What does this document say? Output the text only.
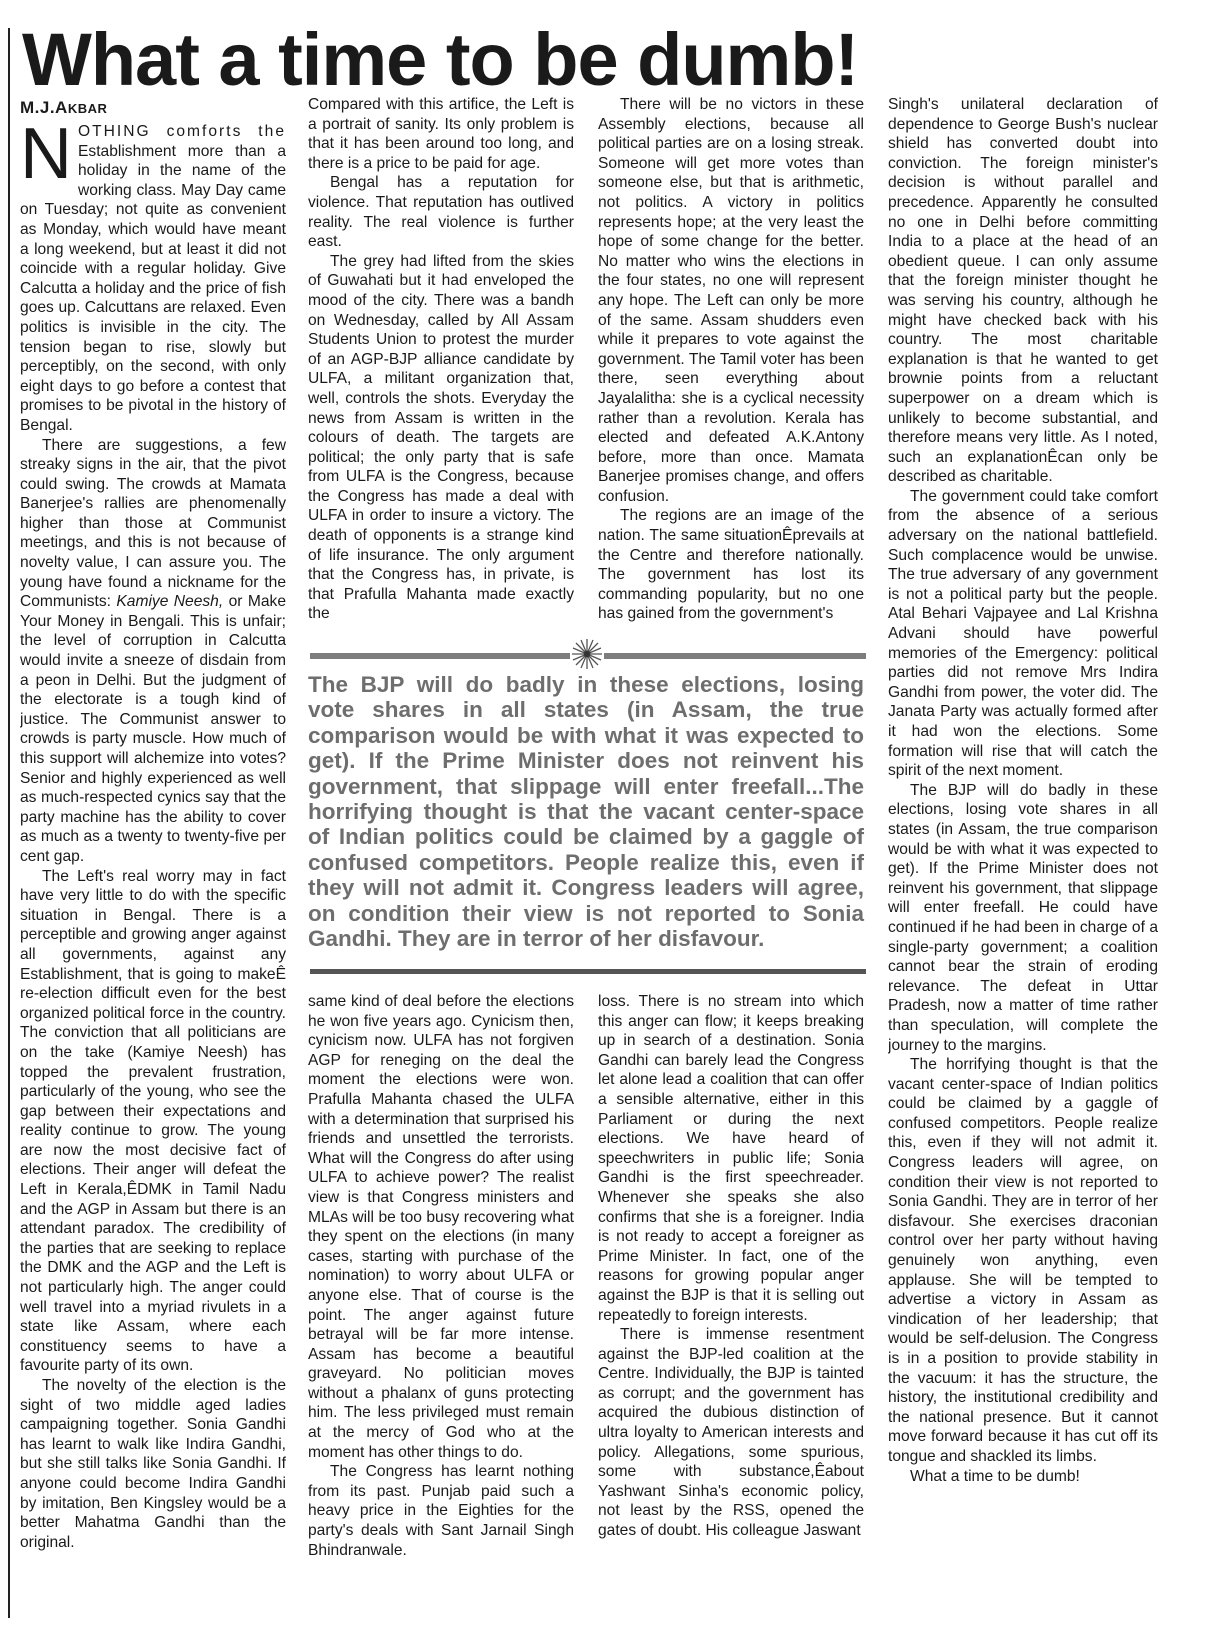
What a time to be dumb!
M.J.AKBAR

NOTHING comforts the Establishment more than a holiday in the name of the working class. May Day came on Tuesday; not quite as convenient as Monday, which would have meant a long weekend, but at least it did not coincide with a regular holiday. Give Calcutta a holiday and the price of fish goes up. Calcuttans are relaxed. Even politics is invisible in the city. The tension began to rise, slowly but perceptibly, on the second, with only eight days to go before a contest that promises to be pivotal in the history of Bengal.

There are suggestions, a few streaky signs in the air, that the pivot could swing. The crowds at Mamata Banerjee's rallies are phenomenally higher than those at Communist meetings, and this is not because of novelty value, I can assure you. The young have found a nickname for the Communists: Kamiye Neesh, or Make Your Money in Bengali. This is unfair; the level of corruption in Calcutta would invite a sneeze of disdain from a peon in Delhi. But the judgment of the electorate is a tough kind of justice. The Communist answer to crowds is party muscle. How much of this support will alchemize into votes? Senior and highly experienced as well as much-respected cynics say that the party machine has the ability to cover as much as a twenty to twenty-five per cent gap.

The Left's real worry may in fact have very little to do with the specific situation in Bengal. There is a perceptible and growing anger against all governments, against any Establishment, that is going to makeÊ re-election difficult even for the best organized political force in the country. The conviction that all politicians are on the take (Kamiye Neesh) has topped the prevalent frustration, particularly of the young, who see the gap between their expectations and reality continue to grow. The young are now the most decisive fact of elections. Their anger will defeat the Left in Kerala,ÊDMK in Tamil Nadu and the AGP in Assam but there is an attendant paradox. The credibility of the parties that are seeking to replace the DMK and the AGP and the Left is not particularly high. The anger could well travel into a myriad rivulets in a state like Assam, where each constituency seems to have a favourite party of its own.

The novelty of the election is the sight of two middle aged ladies campaigning together. Sonia Gandhi has learnt to walk like Indira Gandhi, but she still talks like Sonia Gandhi. If anyone could become Indira Gandhi by imitation, Ben Kingsley would be a better Mahatma Gandhi than the original.

Compared with this artifice, the Left is a portrait of sanity. Its only problem is that it has been around too long, and there is a price to be paid for age.

Bengal has a reputation for violence. That reputation has outlived reality. The real violence is further east.

The grey had lifted from the skies of Guwahati but it had enveloped the mood of the city. There was a bandh on Wednesday, called by All Assam Students Union to protest the murder of an AGP-BJP alliance candidate by ULFA, a militant organization that, well, controls the shots. Everyday the news from Assam is written in the colours of death. The targets are political; the only party that is safe from ULFA is the Congress, because the Congress has made a deal with ULFA in order to insure a victory. The death of opponents is a strange kind of life insurance. The only argument that the Congress has, in private, is that Prafulla Mahanta made exactly the

There will be no victors in these Assembly elections, because all political parties are on a losing streak. Someone will get more votes than someone else, but that is arithmetic, not politics. A victory in politics represents hope; at the very least the hope of some change for the better. No matter who wins the elections in the four states, no one will represent any hope. The Left can only be more of the same. Assam shudders even while it prepares to vote against the government. The Tamil voter has been there, seen everything about Jayalalitha: she is a cyclical necessity rather than a revolution. Kerala has elected and defeated A.K.Antony before, more than once. Mamata Banerjee promises change, and offers confusion.

The regions are an image of the nation. The same situationÊprevails at the Centre and therefore nationally. The government has lost its commanding popularity, but no one has gained from the government's

Singh's unilateral declaration of dependence to George Bush's nuclear shield has converted doubt into conviction. The foreign minister's decision is without parallel and precedence. Apparently he consulted no one in Delhi before committing India to a place at the head of an obedient queue. I can only assume that the foreign minister thought he was serving his country, although he might have checked back with his country. The most charitable explanation is that he wanted to get brownie points from a reluctant superpower on a dream which is unlikely to become substantial, and therefore means very little. As I noted, such an explanationÊcan only be described as charitable.

The government could take comfort from the absence of a serious adversary on the national battlefield. Such complacence would be unwise. The true adversary of any government is not a political party but the people. Atal Behari Vajpayee and Lal Krishna Advani should have powerful memories of the Emergency: political parties did not remove Mrs Indira Gandhi from power, the voter did. The Janata Party was actually formed after it had won the elections. Some formation will rise that will catch the spirit of the next moment.

The BJP will do badly in these elections, losing vote shares in all states (in Assam, the true comparison would be with what it was expected to get). If the Prime Minister does not reinvent his government, that slippage will enter freefall. He could have continued if he had been in charge of a single-party government; a coalition cannot bear the strain of eroding relevance. The defeat in Uttar Pradesh, now a matter of time rather than speculation, will complete the journey to the margins.

The horrifying thought is that the vacant center-space of Indian politics could be claimed by a gaggle of confused competitors. People realize this, even if they will not admit it. Congress leaders will agree, on condition their view is not reported to Sonia Gandhi. They are in terror of her disfavour. She exercises draconian control over her party without having genuinely won anything, even applause. She will be tempted to advertise a victory in Assam as vindication of her leadership; that would be self-delusion. The Congress is in a position to provide stability in the vacuum: it has the structure, the history, the institutional credibility and the national presence. But it cannot move forward because it has cut off its tongue and shackled its limbs.

What a time to be dumb!

The BJP will do badly in these elections, losing vote shares in all states (in Assam, the true comparison would be with what it was expected to get). If the Prime Minister does not reinvent his government, that slippage will enter freefall...The horrifying thought is that the vacant center-space of Indian politics could be claimed by a gaggle of confused competitors. People realize this, even if they will not admit it. Congress leaders will agree, on condition their view is not reported to Sonia Gandhi. They are in terror of her disfavour.

same kind of deal before the elections he won five years ago. Cynicism then, cynicism now. ULFA has not forgiven AGP for reneging on the deal the moment the elections were won. Prafulla Mahanta chased the ULFA with a determination that surprised his friends and unsettled the terrorists. What will the Congress do after using ULFA to achieve power? The realist view is that Congress ministers and MLAs will be too busy recovering what they spent on the elections (in many cases, starting with purchase of the nomination) to worry about ULFA or anyone else. That of course is the point. The anger against future betrayal will be far more intense. Assam has become a beautiful graveyard. No politician moves without a phalanx of guns protecting him. The less privileged must remain at the mercy of God who at the moment has other things to do.

The Congress has learnt nothing from its past. Punjab paid such a heavy price in the Eighties for the party's deals with Sant Jarnail Singh Bhindranwale.

loss. There is no stream into which this anger can flow; it keeps breaking up in search of a destination. Sonia Gandhi can barely lead the Congress let alone lead a coalition that can offer a sensible alternative, either in this Parliament or during the next elections. We have heard of speechwriters in public life; Sonia Gandhi is the first speechreader. Whenever she speaks she also confirms that she is a foreigner. India is not ready to accept a foreigner as Prime Minister. In fact, one of the reasons for growing popular anger against the BJP is that it is selling out repeatedly to foreign interests.

There is immense resentment against the BJP-led coalition at the Centre. Individually, the BJP is tainted as corrupt; and the government has acquired the dubious distinction of ultra loyalty to American interests and policy. Allegations, some spurious, some with substance,Êabout Yashwant Sinha's economic policy, not least by the RSS, opened the gates of doubt. His colleague Jaswant
